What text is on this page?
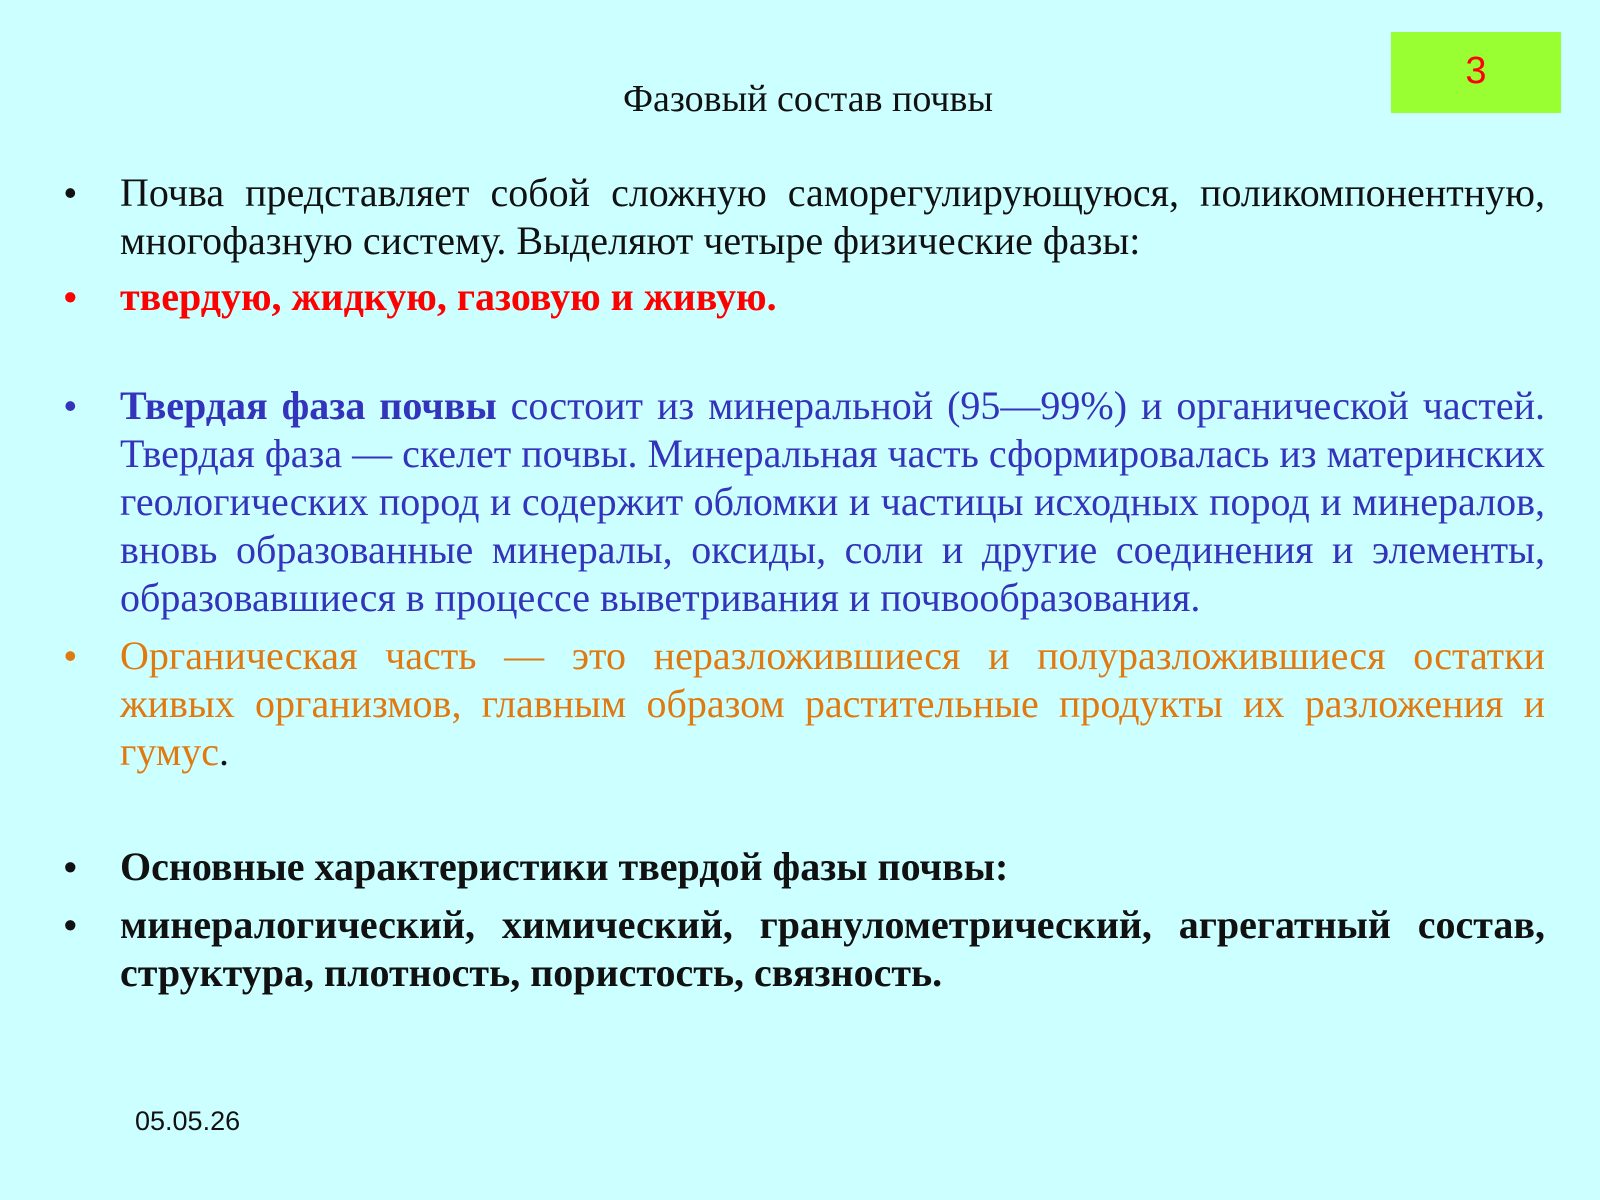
3
Фазовый состав почвы
• Почва представляет собой сложную саморегулирующуюся, поликомпонентную, многофазную систему. Выделяют четыре физические фазы:
• твердую, жидкую, газовую и живую.
• Твердая фаза почвы состоит из минеральной (95—99%) и органической частей. Твердая фаза — скелет почвы. Минеральная часть сформировалась из материнских геологических пород и содержит обломки и частицы исходных пород и минералов, вновь образованные минералы, оксиды, соли и другие соединения и элементы, образовавшиеся в процессе выветривания и почвообразования.
• Органическая часть — это неразложившиеся и полуразложившиеся остатки живых организмов, главным образом растительные продукты их разложения и гумус.
• Основные характеристики твердой фазы почвы:
• минералогический, химический, гранулометрический, агрегатный состав, структура, плотность, пористость, связность.
05.05.26
